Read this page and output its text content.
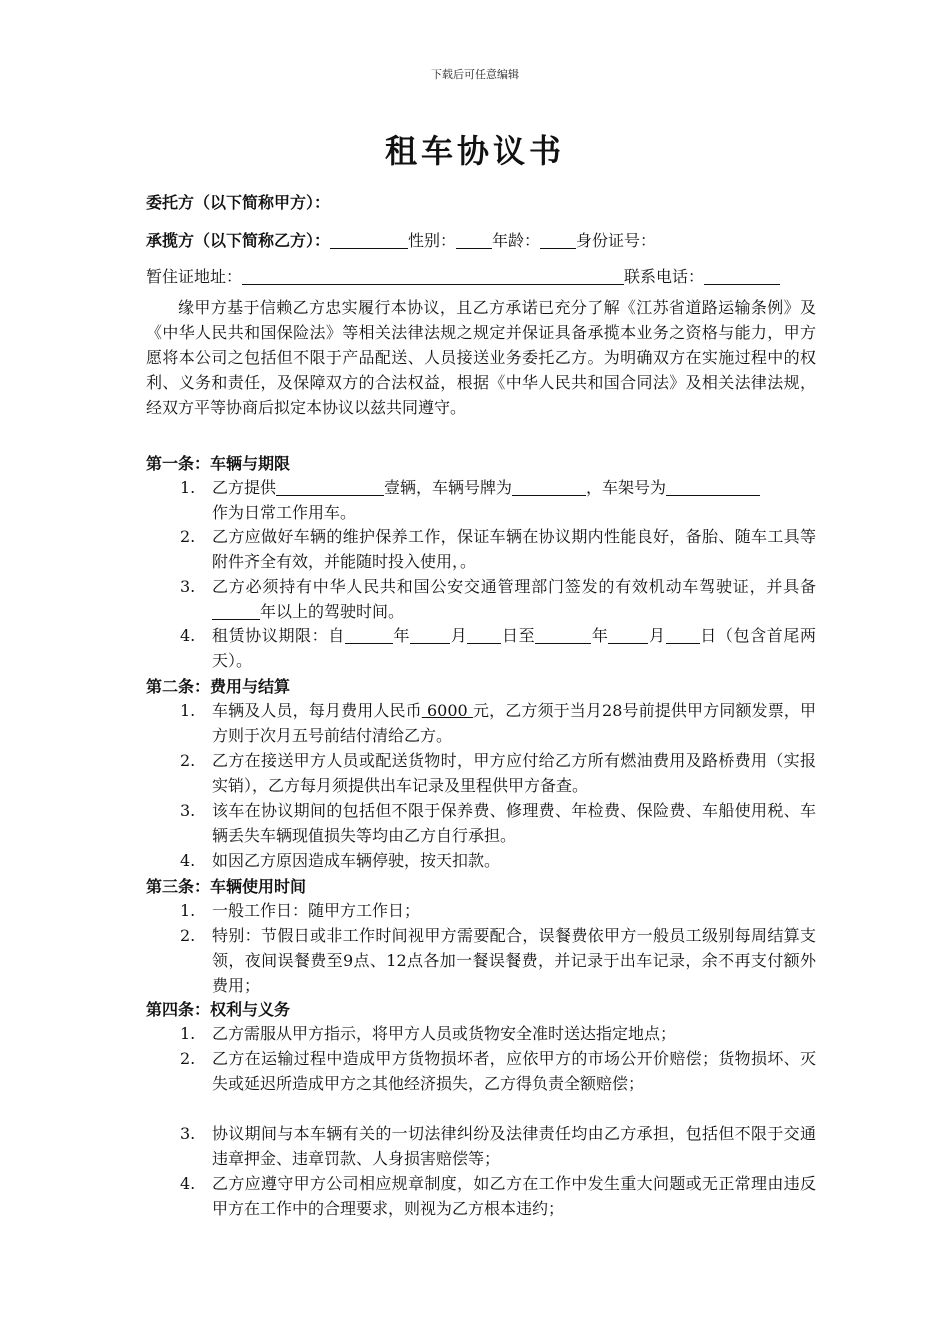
下载后可任意编辑
租车协议书
委托方（以下简称甲方）：
承揽方（以下简称乙方）：	性别： 年龄： 身份证号：
暂住证地址：	联系电话：
缘甲方基于信赖乙方忠实履行本协议，且乙方承诺已充分了解《江苏省道路运输条例》及《中华人民共和国保险法》等相关法律法规之规定并保证具备承揽本业务之资格与能力，甲方愿将本公司之包括但不限于产品配送、人员接送业务委托乙方。为明确双方在实施过程中的权利、义务和责任，及保障双方的合法权益，根据《中华人民共和国合同法》及相关法律法规，经双方平等协商后拟定本协议以兹共同遵守。
第一条：车辆与期限
1.	乙方提供	壹辆，车辆号牌为	，车架号为
作为日常工作用车。
2.	乙方应做好车辆的维护保养工作，保证车辆在协议期内性能良好，备胎、随车工具等附件齐全有效，并能随时投入使用，。
3.	乙方必须持有中华人民共和国公安交通管理部门签发的有效机动车驾驶证，并具备年以上的驾驶时间。
4.	租赁协议期限：自	年	月 日至	年	月 日（包含首尾两天）。
第二条：费用与结算
1.	车辆及人员，每月费用人民币 6000 元，乙方须于当月28号前提供甲方同额发票，甲方则于次月五号前结付清给乙方。
2.	乙方在接送甲方人员或配送货物时，甲方应付给乙方所有燃油费用及路桥费用（实报实销），乙方每月须提供出车记录及里程供甲方备查。
3.	该车在协议期间的包括但不限于保养费、修理费、年检费、保险费、车船使用税、车辆丢失车辆现值损失等均由乙方自行承担。
4.	如因乙方原因造成车辆停驶，按天扣款。
第三条：车辆使用时间
1.	一般工作日：随甲方工作日；
2.	特别：节假日或非工作时间视甲方需要配合，误餐费依甲方一般员工级别每周结算支领，夜间误餐费至9点、12点各加一餐误餐费，并记录于出车记录，余不再支付额外费用；
第四条：权利与义务
1.	乙方需服从甲方指示，将甲方人员或货物安全准时送达指定地点；
2.	乙方在运输过程中造成甲方货物损坏者，应依甲方的市场公开价赔偿；货物损坏、灭失或延迟所造成甲方之其他经济损失，乙方得负责全额赔偿；
3.	协议期间与本车辆有关的一切法律纠纷及法律责任均由乙方承担，包括但不限于交通违章押金、违章罚款、人身损害赔偿等；
4.	乙方应遵守甲方公司相应规章制度，如乙方在工作中发生重大问题或无正常理由违反甲方在工作中的合理要求，则视为乙方根本违约；
